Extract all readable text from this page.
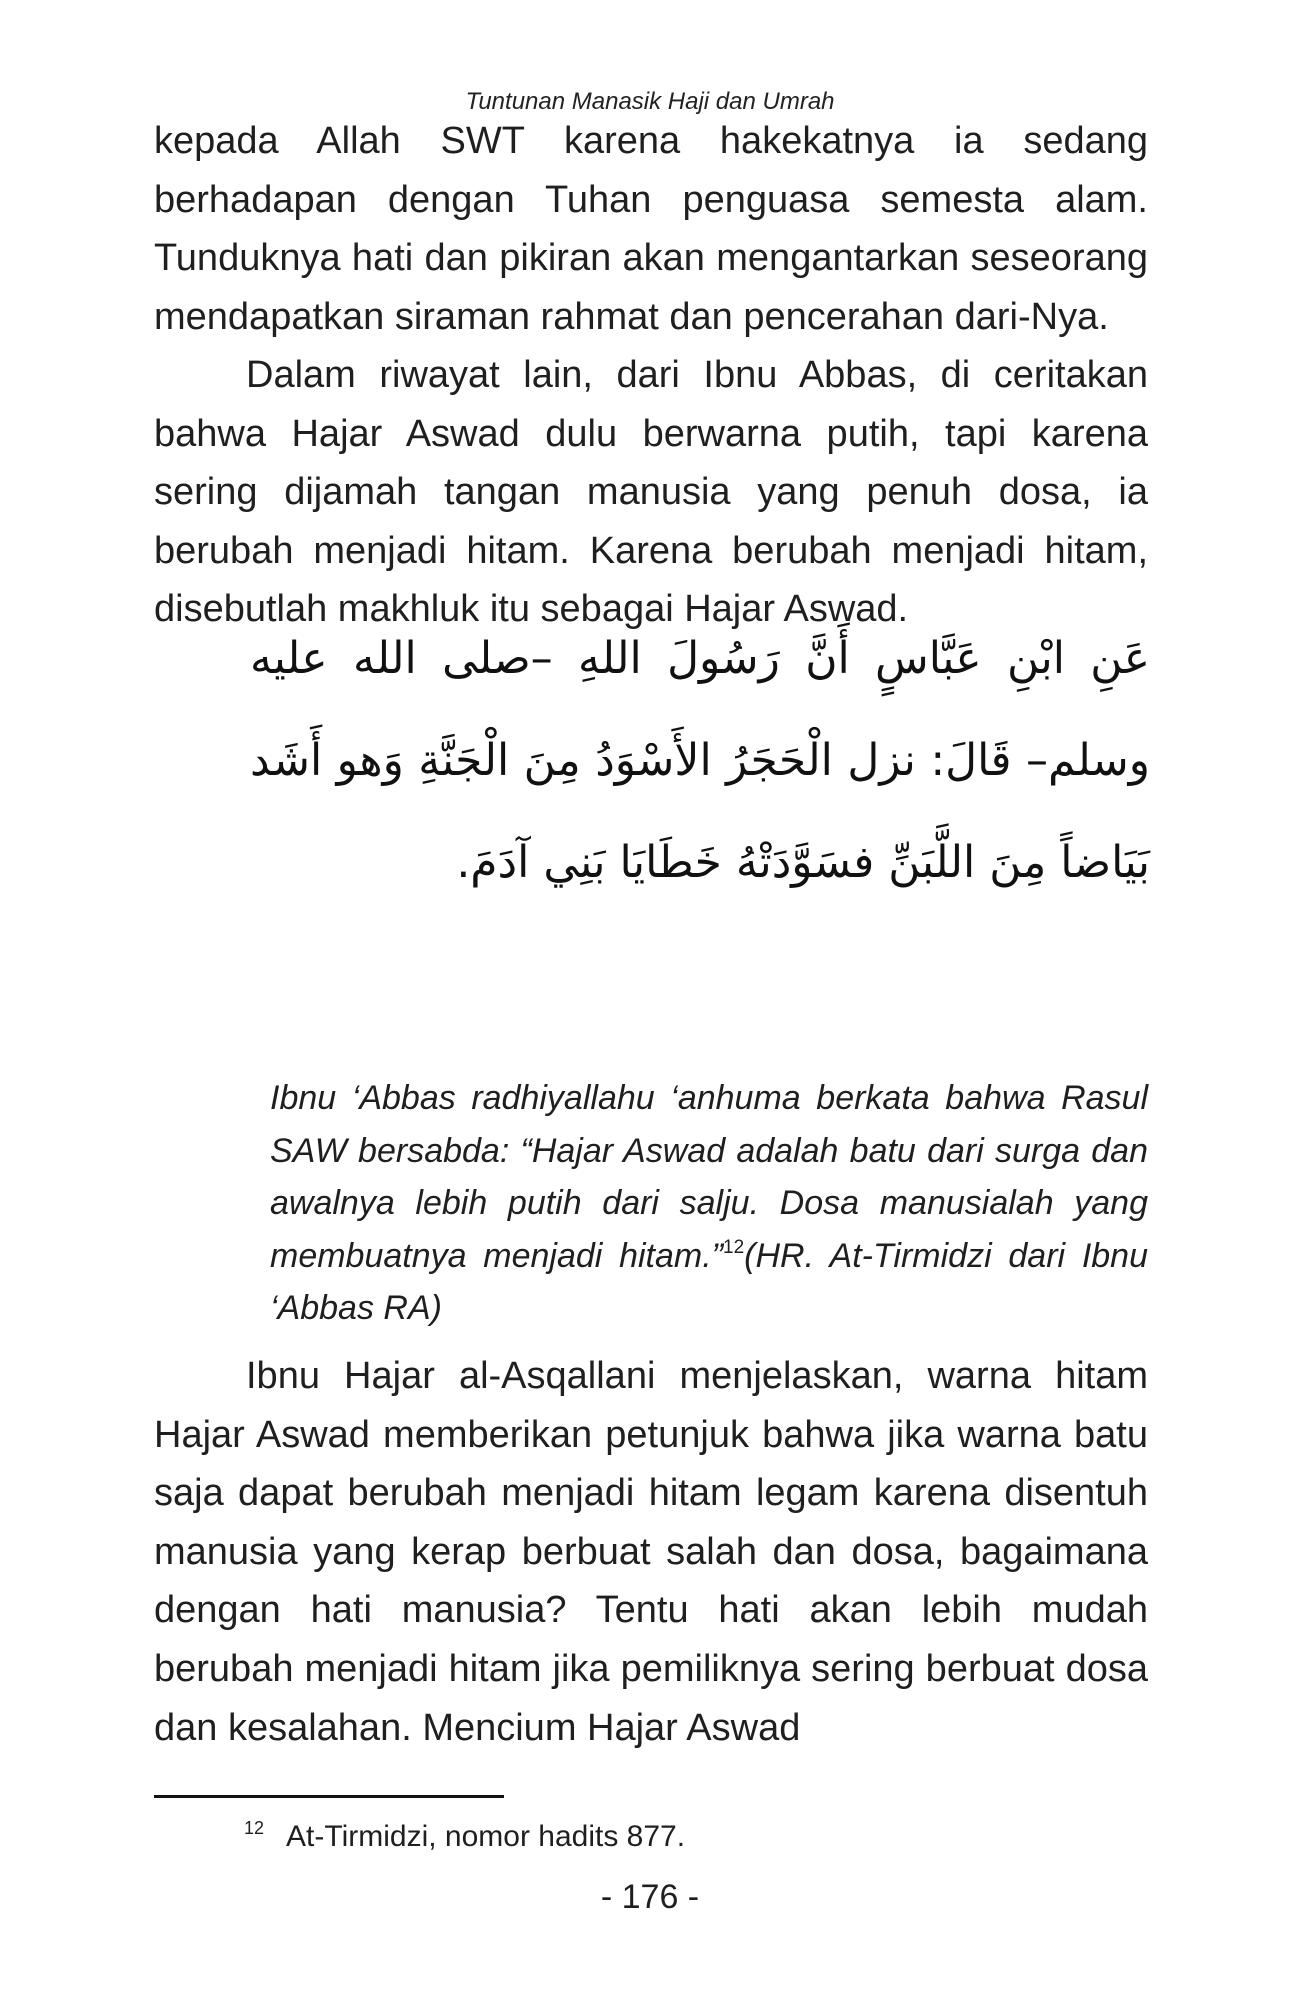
Tuntunan Manasik Haji dan Umrah

kepada Allah SWT karena hakekatnya ia sedang berhadapan dengan Tuhan penguasa semesta alam. Tunduknya hati dan pikiran akan mengantarkan seseorang mendapatkan siraman rahmat dan pencerahan dari-Nya.

Dalam riwayat lain, dari Ibnu Abbas, di ceritakan bahwa Hajar Aswad dulu berwarna putih, tapi karena sering dijamah tangan manusia yang penuh dosa, ia berubah menjadi hitam. Karena berubah menjadi hitam, disebutlah makhluk itu sebagai Hajar Aswad.

عَنِ ابْنِ عَبَّاسٍ أَنَّ رَسُولَ اللهِ –صلى الله عليه وسلم– قَالَ: نزل الْحَجَرُ الأَسْوَدُ مِنَ الْجَنَّةِ وَهو أَشَد بَيَاضاً مِنَ اللَّبَنِّ فسَوَّدَتْهُ خَطَايَا بَنِي آدَمَ.

Ibnu ‘Abbas radhiyallahu ‘anhuma berkata bahwa Rasul SAW bersabda: “Hajar Aswad adalah batu dari surga dan awalnya lebih putih dari salju. Dosa manusialah yang membuatnya menjadi hitam.”$^{12}$(HR. At-Tirmidzi dari Ibnu ‘Abbas RA)

Ibnu Hajar al-Asqallani menjelaskan, warna hitam Hajar Aswad memberikan petunjuk bahwa jika warna batu saja dapat berubah menjadi hitam legam karena disentuh manusia yang kerap berbuat salah dan dosa, bagaimana dengan hati manusia? Tentu hati akan lebih mudah berubah menjadi hitam jika pemiliknya sering berbuat dosa dan kesalahan. Mencium Hajar Aswad

$^{12}$ At-Tirmidzi, nomor hadits 877.

- 176 -
